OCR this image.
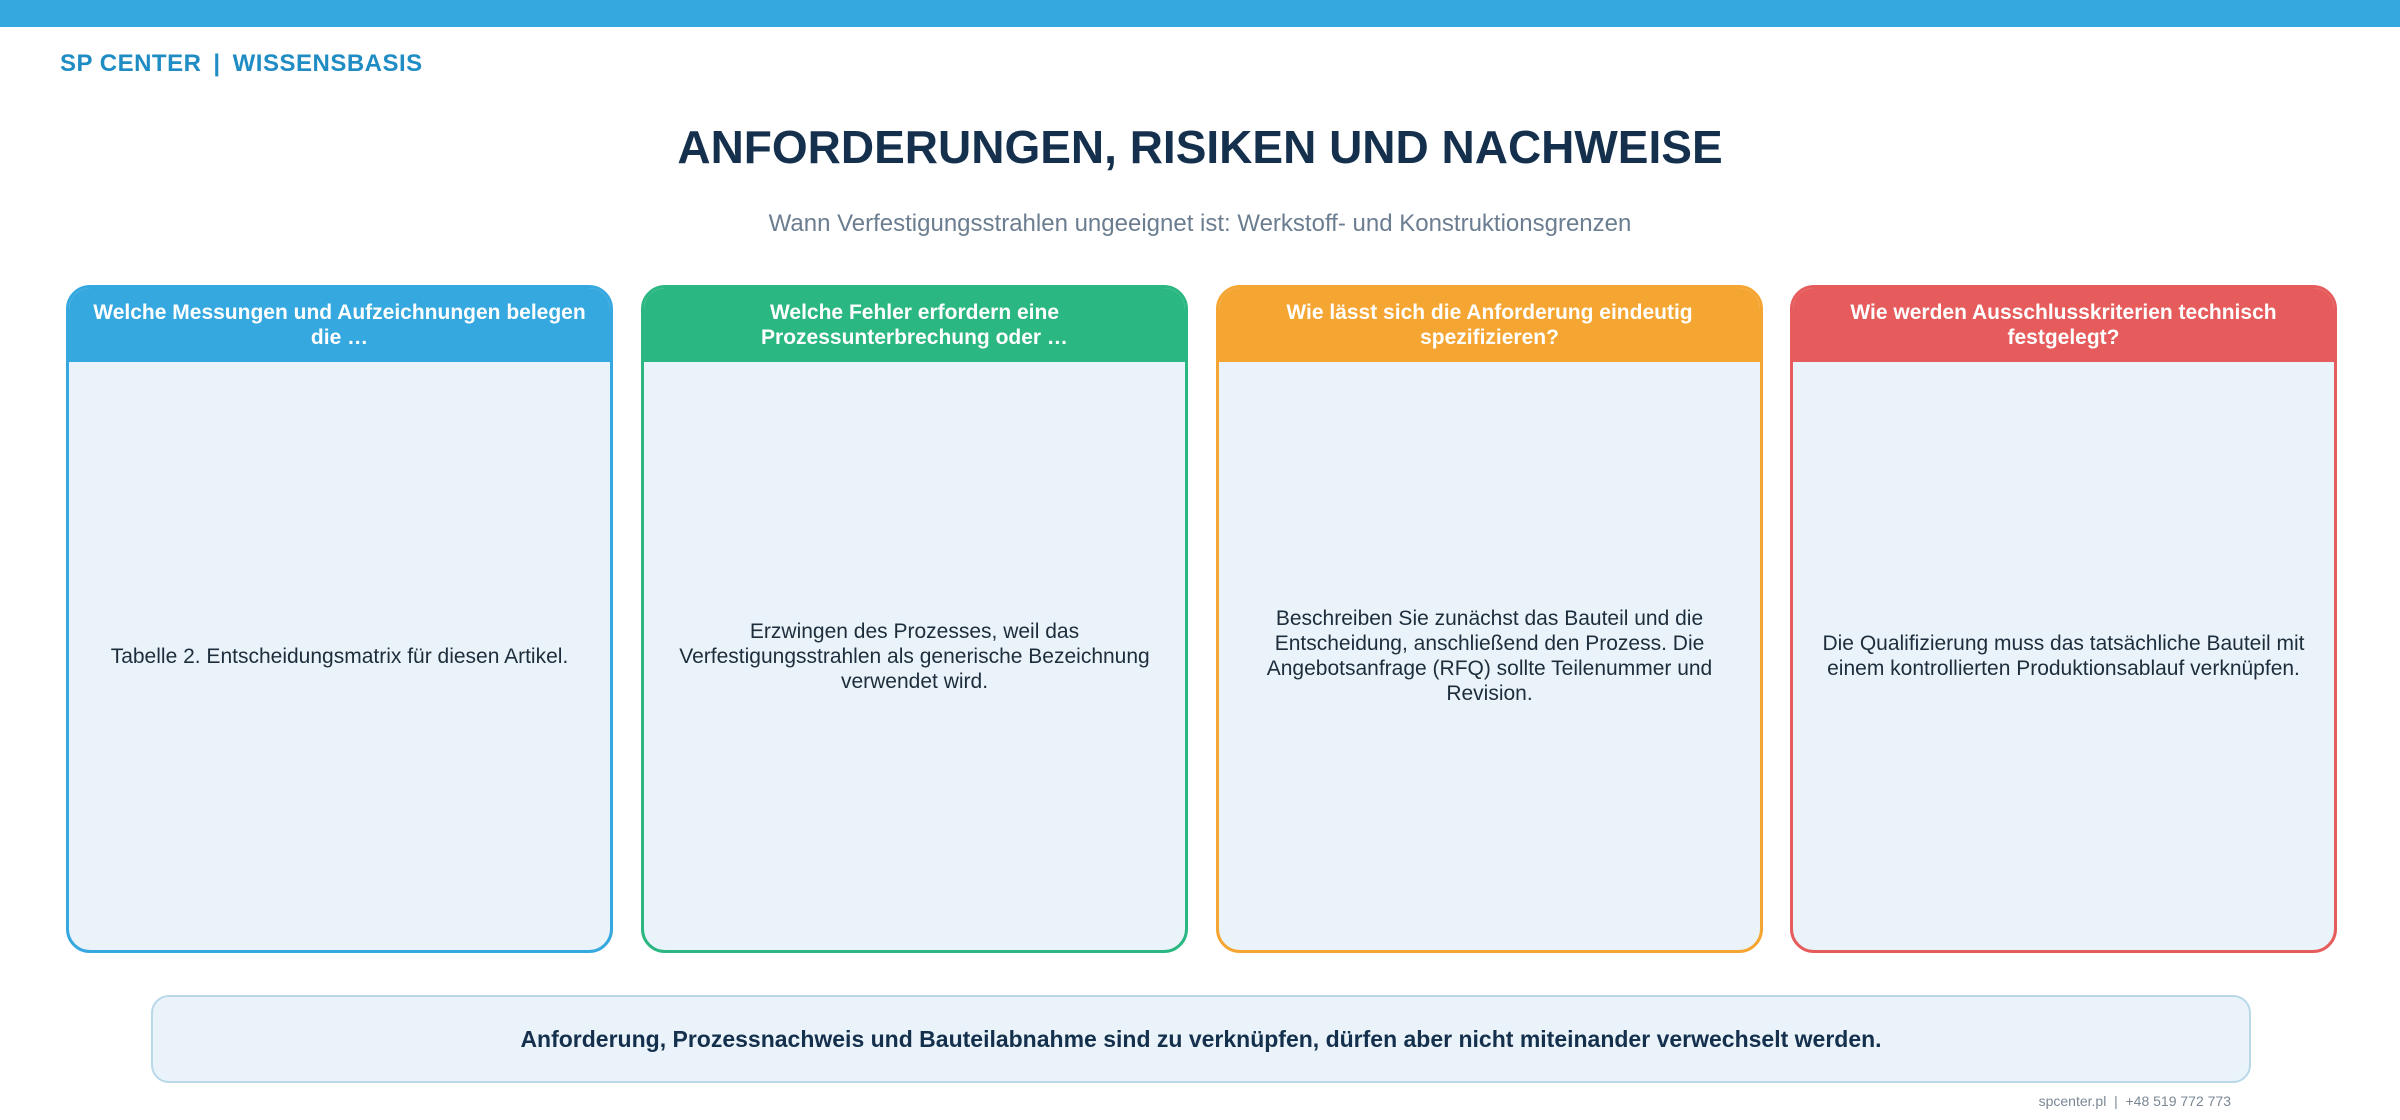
SP CENTER | WISSENSBASIS
ANFORDERUNGEN, RISIKEN UND NACHWEISE
Wann Verfestigungsstrahlen ungeeignet ist: Werkstoff- und Konstruktionsgrenzen
Welche Messungen und Aufzeichnungen belegen die …
Tabelle 2. Entscheidungsmatrix für diesen Artikel.
Welche Fehler erfordern eine Prozessunterbrechung oder …
Erzwingen des Prozesses, weil das Verfestigungsstrahlen als generische Bezeichnung verwendet wird.
Wie lässt sich die Anforderung eindeutig spezifizieren?
Beschreiben Sie zunächst das Bauteil und die Entscheidung, anschließend den Prozess. Die Angebotsanfrage (RFQ) sollte Teilenummer und Revision.
Wie werden Ausschlusskriterien technisch festgelegt?
Die Qualifizierung muss das tatsächliche Bauteil mit einem kontrollierten Produktionsablauf verknüpfen.
Anforderung, Prozessnachweis und Bauteilabnahme sind zu verknüpfen, dürfen aber nicht miteinander verwechselt werden.
spcenter.pl  |  +48 519 772 773
